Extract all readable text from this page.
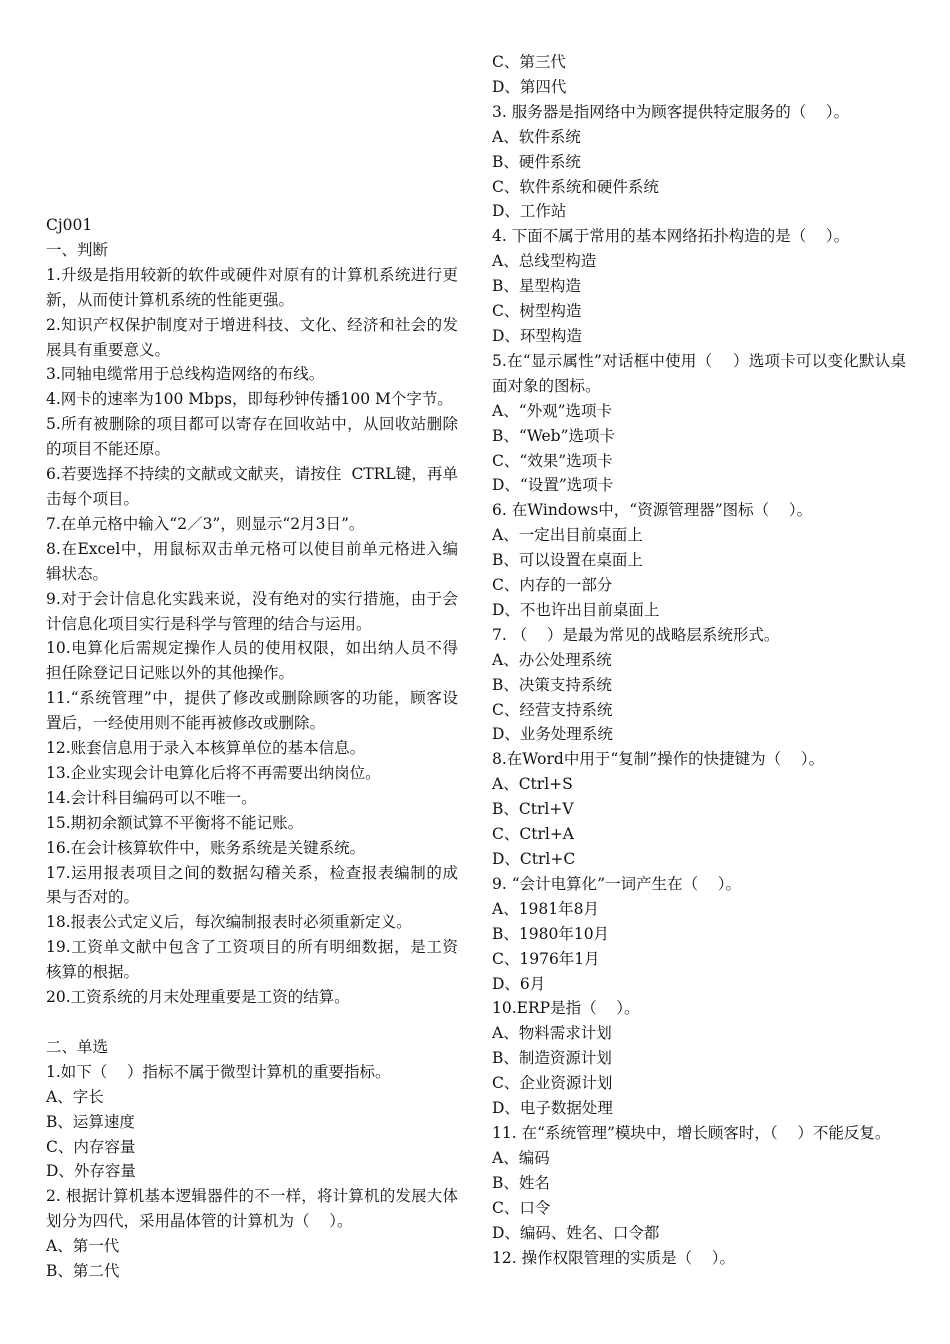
Cj001

一、判断

1.升级是指用较新的软件或硬件对原有的计算机系统进行更新，从而使计算机系统的性能更强。

2.知识产权保护制度对于增进科技、文化、经济和社会的发展具有重要意义。

3.同轴电缆常用于总线构造网络的布线。

4.网卡的速率为100 Mbps，即每秒钟传播100 M个字节。

5.所有被删除的项目都可以寄存在回收站中，从回收站删除的项目不能还原。

6.若要选择不持续的文献或文献夹，请按住  CTRL键，再单击每个项目。

7.在单元格中输入“2／3”，则显示“2月3日”。

8.在Excel中，用鼠标双击单元格可以使目前单元格进入编辑状态。

9.对于会计信息化实践来说，没有绝对的实行措施，由于会计信息化项目实行是科学与管理的结合与运用。

10.电算化后需规定操作人员的使用权限，如出纳人员不得担任除登记日记账以外的其他操作。

11.“系统管理”中，提供了修改或删除顾客的功能，顾客设置后，一经使用则不能再被修改或删除。

12.账套信息用于录入本核算单位的基本信息。

13.企业实现会计电算化后将不再需要出纳岗位。

14.会计科目编码可以不唯一。

15.期初余额试算不平衡将不能记账。

16.在会计核算软件中，账务系统是关键系统。

17.运用报表项目之间的数据勾稽关系，检查报表编制的成果与否对的。

18.报表公式定义后，每次编制报表时必须重新定义。

19.工资单文献中包含了工资项目的所有明细数据，是工资核算的根据。

20.工资系统的月末处理重要是工资的结算。

二、单选

1.如下（    ）指标不属于微型计算机的重要指标。

A、字长

B、运算速度

C、内存容量

D、外存容量

2. 根据计算机基本逻辑器件的不一样，将计算机的发展大体划分为四代，采用晶体管的计算机为（    ）。

A、第一代

B、第二代

C、第三代

D、第四代

3. 服务器是指网络中为顾客提供特定服务的（    ）。

A、软件系统

B、硬件系统

C、软件系统和硬件系统

D、工作站

4. 下面不属于常用的基本网络拓扑构造的是（    ）。

A、总线型构造

B、星型构造

C、树型构造

D、环型构造

5.在“显示属性”对话框中使用（    ）选项卡可以变化默认桌面对象的图标。

A、“外观”选项卡

B、“Web”选项卡

C、“效果”选项卡

D、“设置”选项卡

6. 在Windows中，“资源管理器”图标（    ）。

A、一定出目前桌面上

B、可以设置在桌面上

C、内存的一部分

D、不也许出目前桌面上

7. （    ）是最为常见的战略层系统形式。

A、办公处理系统

B、决策支持系统

C、经营支持系统

D、业务处理系统

8.在Word中用于“复制”操作的快捷键为（    ）。

A、Ctrl+S

B、Ctrl+V

C、Ctrl+A

D、Ctrl+C

9. “会计电算化”一词产生在（    ）。

A、1981年8月

B、1980年10月

C、1976年1月

D、6月

10.ERP是指（    ）。

A、物料需求计划

B、制造资源计划

C、企业资源计划

D、电子数据处理

11. 在“系统管理”模块中，增长顾客时，（    ）不能反复。

A、编码

B、姓名

C、口令

D、编码、姓名、口令都

12. 操作权限管理的实质是（    ）。
